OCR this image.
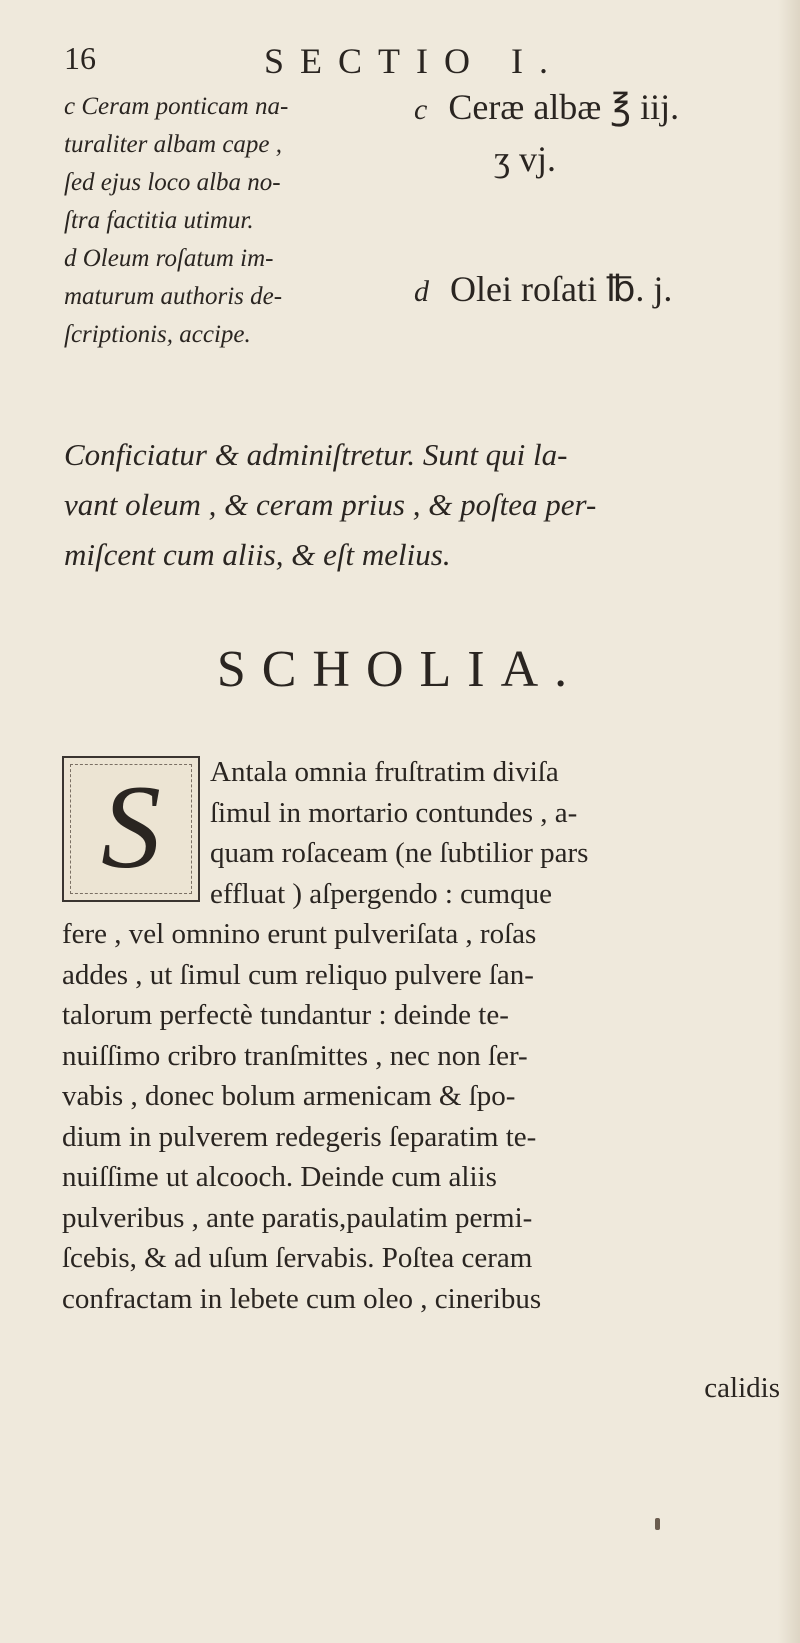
16	SECTIO I.

c Ceram ponticam na-

turaliter albam cape ,

ſed ejus loco alba no-

ſtra factitia utimur.

d Oleum roſatum im-

maturum authoris de-

ſcriptionis, accipe.

c Ceræ albæ ℥ iij.
ʒ vj.
d Olei roſati ℔. j.

Conficiatur & adminiſtretur. Sunt qui la-

vant oleum , & ceram prius , & poſtea per-

miſcent cum aliis, & eſt melius.

SCHOLIA.
S	Antala omnia fruſtratim diviſa

ſimul in mortario contundes , a-

quam roſaceam (ne ſubtilior pars

effluat ) aſpergendo : cumque

fere , vel omnino erunt pulveriſata , roſas

addes , ut ſimul cum reliquo pulvere ſan-

talorum perfectè tundantur : deinde te-

nuiſſimo cribro tranſmittes , nec non ſer-

vabis , donec bolum armenicam & ſpo-

dium in pulverem redegeris ſeparatim te-

nuiſſime ut alcooch. Deinde cum aliis

pulveribus , ante paratis,paulatim permi-

ſcebis, & ad uſum ſervabis. Poſtea ceram

confractam in lebete cum oleo , cineribus

calidis
